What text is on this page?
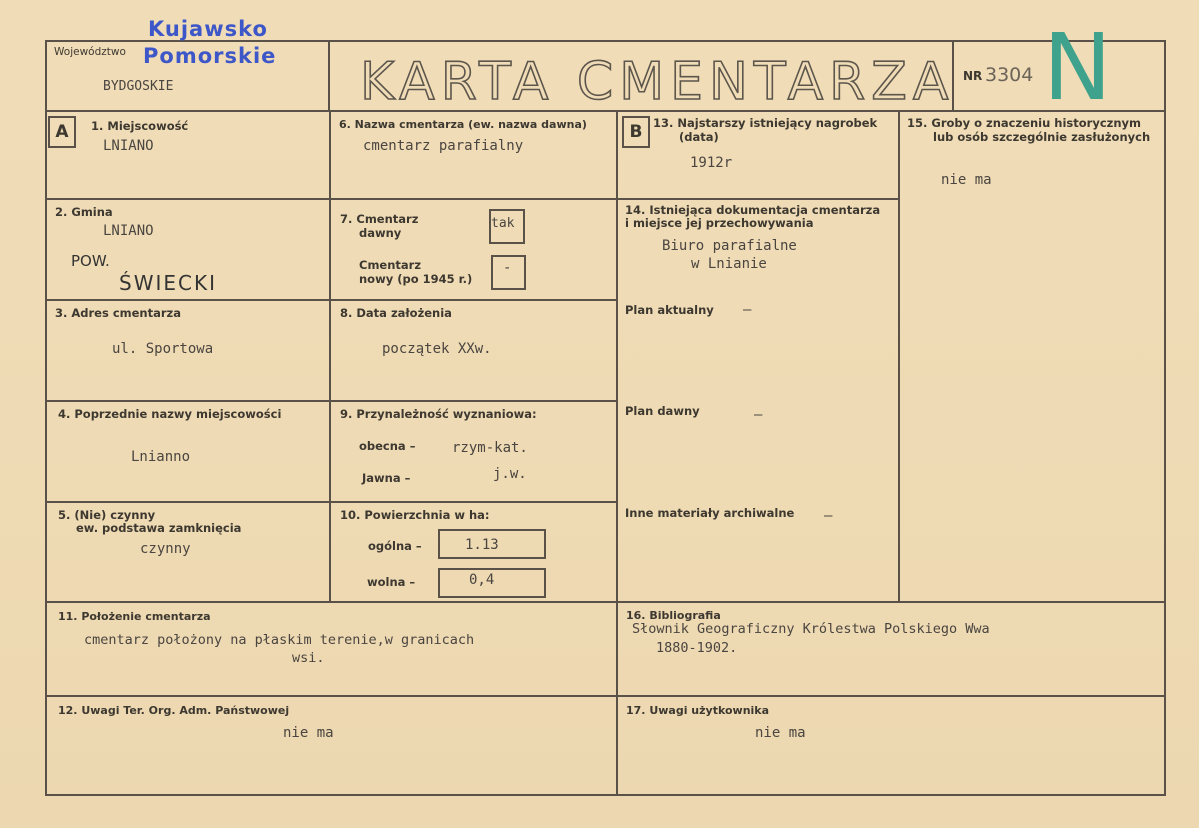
Województwo
Kujawsko
Pomorskie
BYDGOSKIE	KARTA CMENTARZA NR 3304 N
A	B
1. Miejscowość
LNIANO
2. Gmina
LNIANO
POW.
ŚWIECKI
3. Adres cmentarza
ul. Sportowa
4. Poprzednie nazwy miejscowości
Lnianno
5. (Nie) czynny
ew. podstawa zamknięcia
czynny
6. Nazwa cmentarza (ew. nazwa dawna)
cmentarz parafialny
7. Cmentarz
dawny
tak
Cmentarz
nowy (po 1945 r.)
-
8. Data założenia
początek XXw.
9. Przynależność wyznaniowa:
obecna –	rzym-kat.
Jawna –	j.w.
10. Powierzchnia w ha:
ogólna –	1.13
wolna –	0,4
11. Położenie cmentarza
cmentarz położony na płaskim terenie,w granicach
wsi.
12. Uwagi Ter. Org. Adm. Państwowej
nie ma
13. Najstarszy istniejący nagrobek
(data)
1912r
14. Istniejąca dokumentacja cmentarza
i miejsce jej przechowywania
Biuro parafialne
w Lnianie
Plan aktualny –
Plan dawny	–
Inne materiały archiwalne –
15. Groby o znaczeniu historycznym
lub osób szczególnie zasłużonych
nie ma
16. Bibliografia
Słownik Geograficzny Królestwa Polskiego Wwa
1880-1902.
17. Uwagi użytkownika
nie ma
